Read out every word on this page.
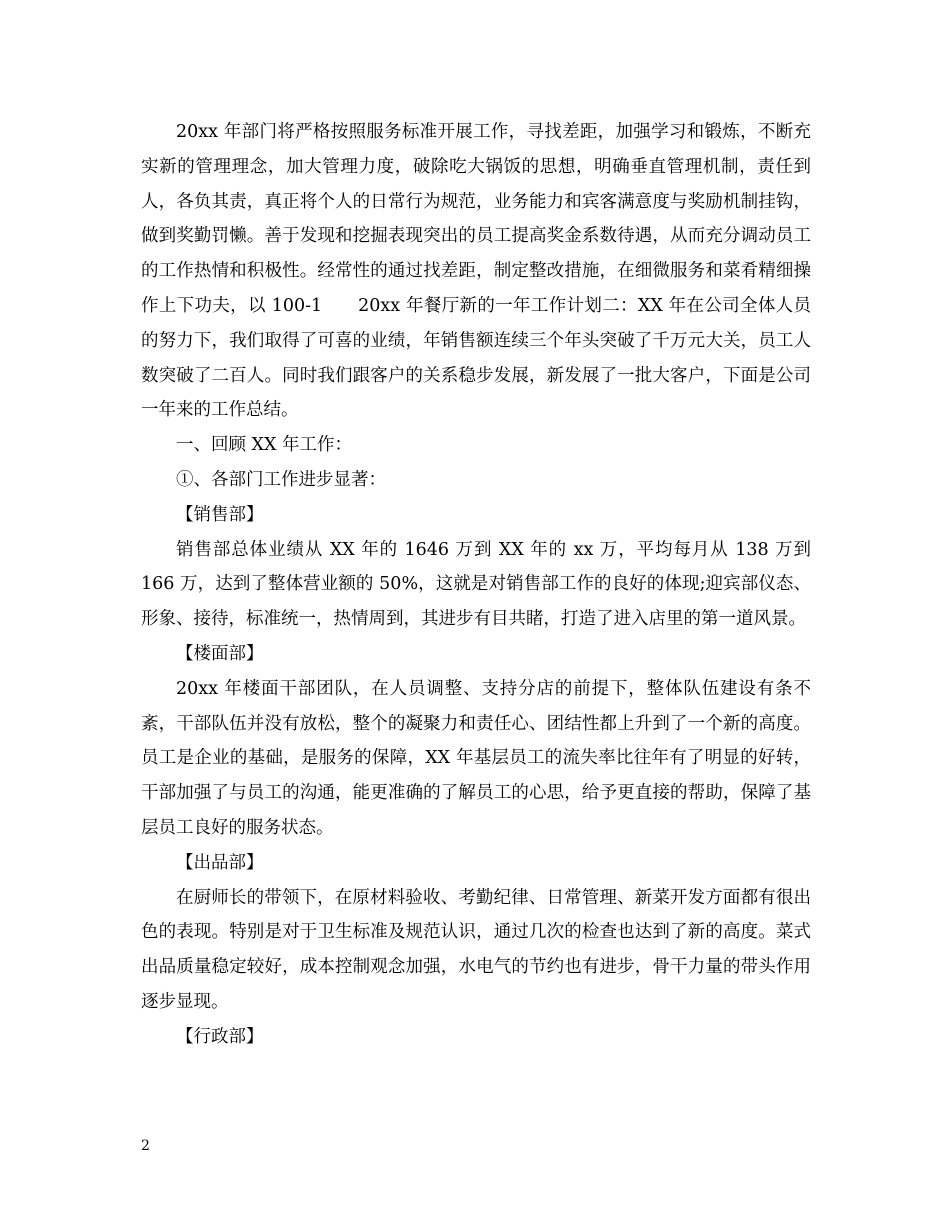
20xx 年部门将严格按照服务标准开展工作，寻找差距，加强学习和锻炼，不断充实新的管理理念，加大管理力度，破除吃大锅饭的思想，明确垂直管理机制，责任到人，各负其责，真正将个人的日常行为规范，业务能力和宾客满意度与奖励机制挂钩，做到奖勤罚懒。善于发现和挖掘表现突出的员工提高奖金系数待遇，从而充分调动员工的工作热情和积极性。经常性的通过找差距，制定整改措施，在细微服务和菜肴精细操作上下功夫，以 100-1　　20xx 年餐厅新的一年工作计划二：XX 年在公司全体人员的努力下，我们取得了可喜的业绩，年销售额连续三个年头突破了千万元大关，员工人数突破了二百人。同时我们跟客户的关系稳步发展，新发展了一批大客户，下面是公司一年来的工作总结。

一、回顾 XX 年工作：

①、各部门工作进步显著：

【销售部】

销售部总体业绩从 XX 年的 1646 万到 XX 年的 xx 万，平均每月从 138 万到 166 万，达到了整体营业额的 50%，这就是对销售部工作的良好的体现;迎宾部仪态、形象、接待，标准统一，热情周到，其进步有目共睹，打造了进入店里的第一道风景。

【楼面部】

20xx 年楼面干部团队，在人员调整、支持分店的前提下，整体队伍建设有条不紊，干部队伍并没有放松，整个的凝聚力和责任心、团结性都上升到了一个新的高度。员工是企业的基础，是服务的保障，XX 年基层员工的流失率比往年有了明显的好转，干部加强了与员工的沟通，能更准确的了解员工的心思，给予更直接的帮助，保障了基层员工良好的服务状态。

【出品部】

在厨师长的带领下，在原材料验收、考勤纪律、日常管理、新菜开发方面都有很出色的表现。特别是对于卫生标准及规范认识，通过几次的检查也达到了新的高度。菜式出品质量稳定较好，成本控制观念加强，水电气的节约也有进步，骨干力量的带头作用逐步显现。

【行政部】

2
